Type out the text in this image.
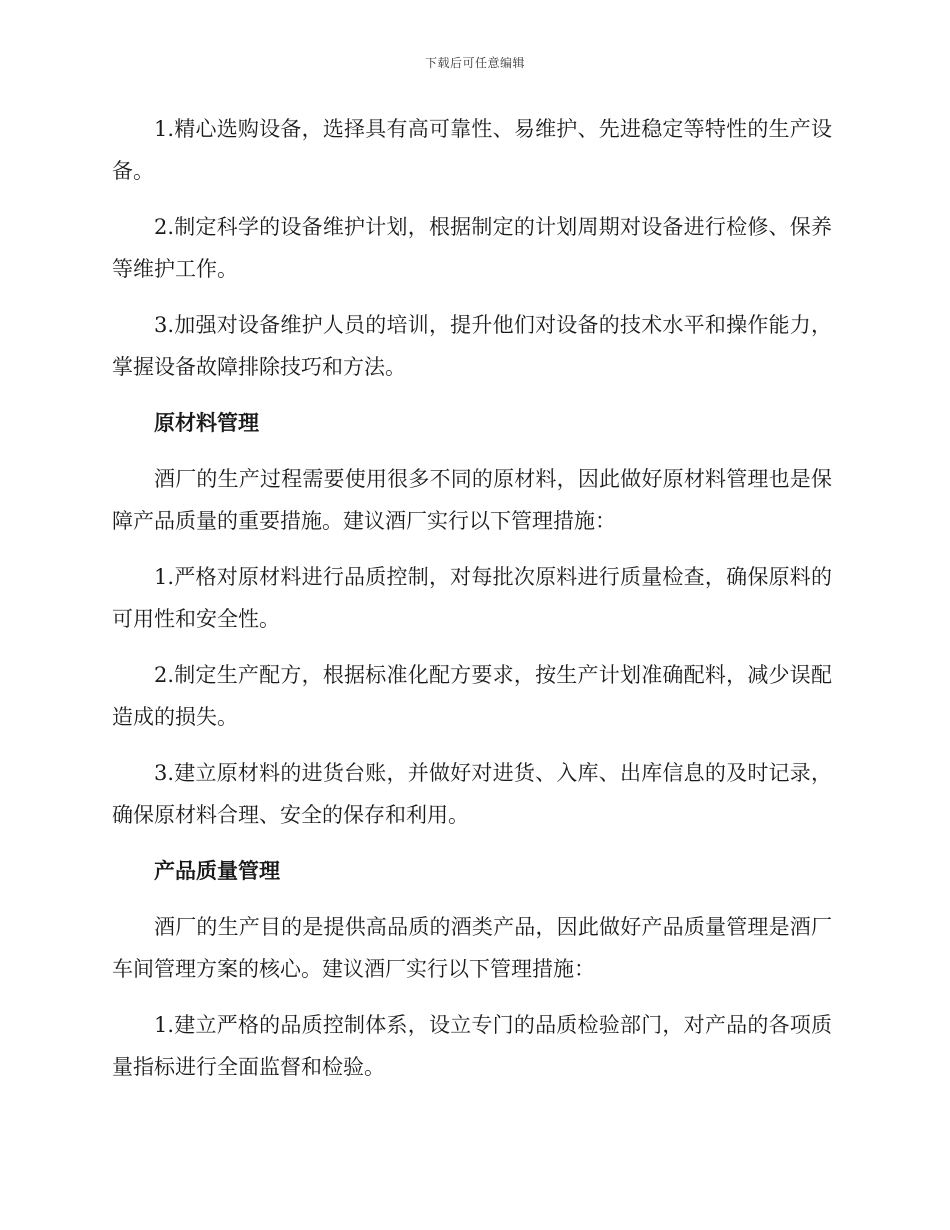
下载后可任意编辑

1.精心选购设备，选择具有高可靠性、易维护、先进稳定等特性的生产设备。

2.制定科学的设备维护计划，根据制定的计划周期对设备进行检修、保养等维护工作。

3.加强对设备维护人员的培训，提升他们对设备的技术水平和操作能力，掌握设备故障排除技巧和方法。

原材料管理

酒厂的生产过程需要使用很多不同的原材料，因此做好原材料管理也是保障产品质量的重要措施。建议酒厂实行以下管理措施：

1.严格对原材料进行品质控制，对每批次原料进行质量检查，确保原料的可用性和安全性。

2.制定生产配方，根据标准化配方要求，按生产计划准确配料，减少误配造成的损失。

3.建立原材料的进货台账，并做好对进货、入库、出库信息的及时记录，确保原材料合理、安全的保存和利用。

产品质量管理

酒厂的生产目的是提供高品质的酒类产品，因此做好产品质量管理是酒厂车间管理方案的核心。建议酒厂实行以下管理措施：

1.建立严格的品质控制体系，设立专门的品质检验部门，对产品的各项质量指标进行全面监督和检验。
